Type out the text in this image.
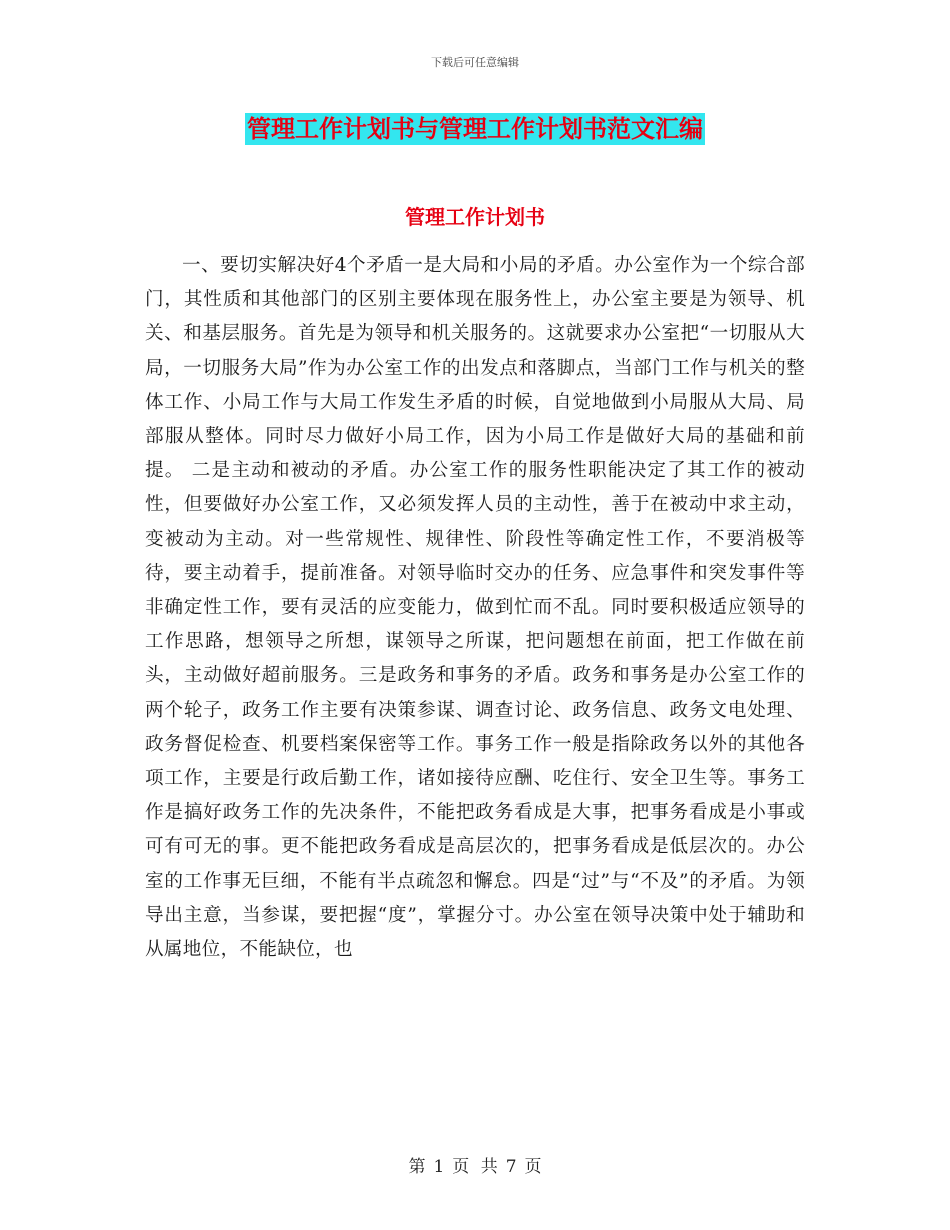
下载后可任意编辑
管理工作计划书与管理工作计划书范文汇编
管理工作计划书

一、要切实解决好4个矛盾一是大局和小局的矛盾。办公室作为一个综合部门，其性质和其他部门的区别主要体现在服务性上，办公室主要是为领导、机关、和基层服务。首先是为领导和机关服务的。这就要求办公室把“一切服从大局，一切服务大局”作为办公室工作的出发点和落脚点，当部门工作与机关的整体工作、小局工作与大局工作发生矛盾的时候，自觉地做到小局服从大局、局部服从整体。同时尽力做好小局工作，因为小局工作是做好大局的基础和前提。 二是主动和被动的矛盾。办公室工作的服务性职能决定了其工作的被动性，但要做好办公室工作，又必须发挥人员的主动性，善于在被动中求主动，变被动为主动。对一些常规性、规律性、阶段性等确定性工作，不要消极等待，要主动着手，提前准备。对领导临时交办的任务、应急事件和突发事件等非确定性工作，要有灵活的应变能力，做到忙而不乱。同时要积极适应领导的工作思路，想领导之所想，谋领导之所谋，把问题想在前面，把工作做在前头，主动做好超前服务。三是政务和事务的矛盾。政务和事务是办公室工作的两个轮子，政务工作主要有决策参谋、调查讨论、政务信息、政务文电处理、政务督促检查、机要档案保密等工作。事务工作一般是指除政务以外的其他各项工作，主要是行政后勤工作，诸如接待应酬、吃住行、安全卫生等。事务工作是搞好政务工作的先决条件，不能把政务看成是大事，把事务看成是小事或可有可无的事。更不能把政务看成是高层次的，把事务看成是低层次的。办公室的工作事无巨细，不能有半点疏忽和懈怠。四是“过”与“不及”的矛盾。为领导出主意，当参谋，要把握“度”，掌握分寸。办公室在领导决策中处于辅助和从属地位，不能缺位，也

第 1 页 共 7 页
